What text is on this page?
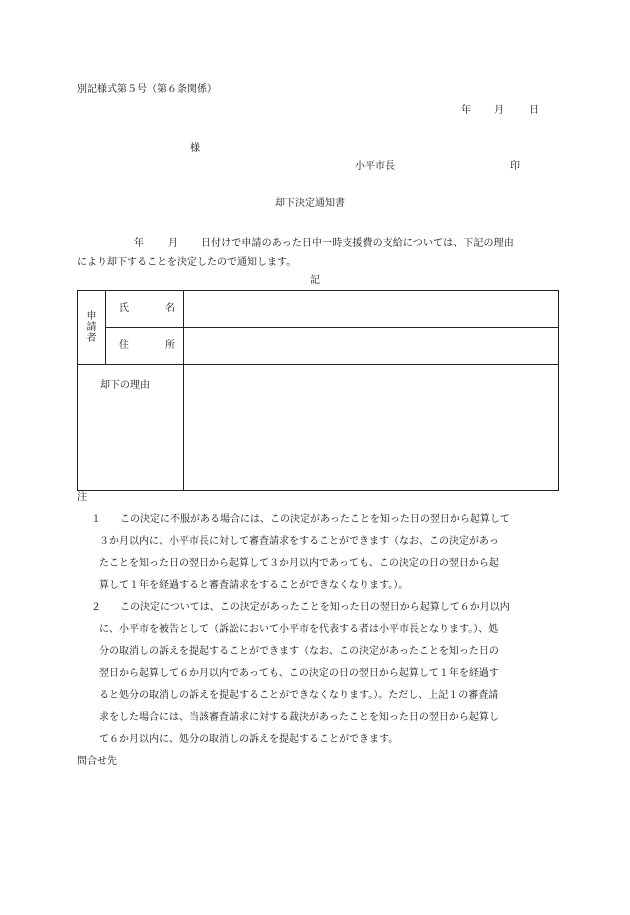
別記様式第５号（第６条関係）
年 月	日
様
小平市長	印
却下決定通知書
年 月 日付けで申請のあった日中一時支援費の支給については、下記の理由
により却下することを決定したので通知します。
記
申請者	氏 名	

	住 所	

却下の理由		

注
１	この決定に不服がある場合には、この決定があったことを知った日の翌日から起算して
３か月以内に、小平市長に対して審査請求をすることができます（なお、この決定があっ
たことを知った日の翌日から起算して３か月以内であっても、この決定の日の翌日から起
算して１年を経過すると審査請求をすることができなくなります。）。
２	この決定については、この決定があったことを知った日の翌日から起算して６か月以内
に、小平市を被告として（訴訟において小平市を代表する者は小平市長となります。）、処
分の取消しの訴えを提起することができます（なお、この決定があったことを知った日の
翌日から起算して６か月以内であっても、この決定の日の翌日から起算して１年を経過す
ると処分の取消しの訴えを提起することができなくなります。）。ただし、上記１の審査請
求をした場合には、当該審査請求に対する裁決があったことを知った日の翌日から起算し
て６か月以内に、処分の取消しの訴えを提起することができます。
問合せ先
